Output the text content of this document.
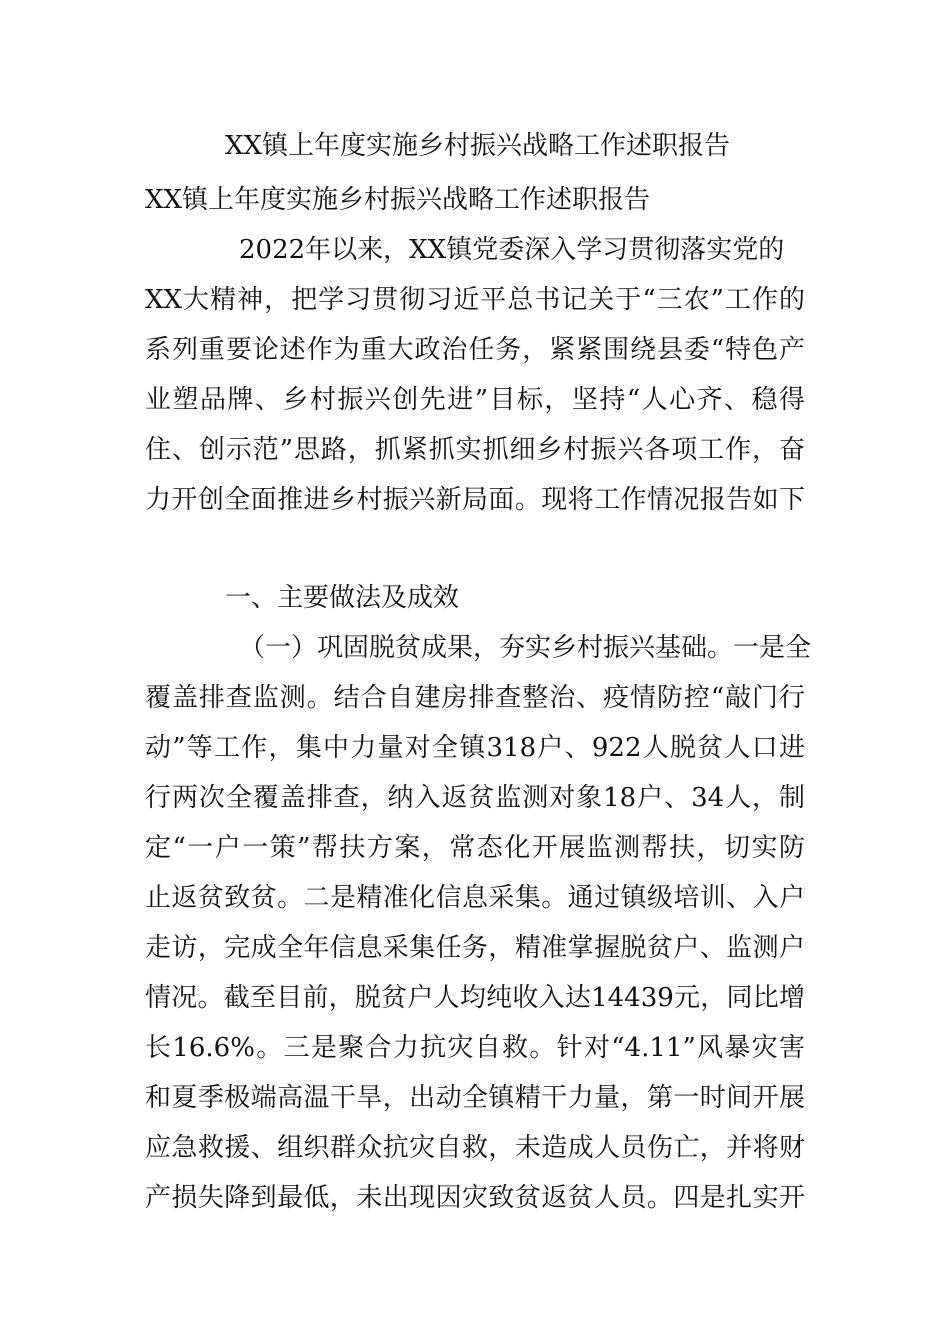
XX镇上年度实施乡村振兴战略工作述职报告
XX镇上年度实施乡村振兴战略工作述职报告
2022年以来，XX镇党委深入学习贯彻落实党的
XX大精神，把学习贯彻习近平总书记关于“三农”工作的
系列重要论述作为重大政治任务，紧紧围绕县委“特色产
业塑品牌、乡村振兴创先进”目标，坚持“人心齐、稳得
住、创示范”思路，抓紧抓实抓细乡村振兴各项工作，奋
力开创全面推进乡村振兴新局面。现将工作情况报告如下
一、主要做法及成效
（一）巩固脱贫成果，夯实乡村振兴基础。一是全
覆盖排查监测。结合自建房排查整治、疫情防控“敲门行
动”等工作，集中力量对全镇318户、922人脱贫人口进
行两次全覆盖排查，纳入返贫监测对象18户、34人，制
定“一户一策”帮扶方案，常态化开展监测帮扶，切实防
止返贫致贫。二是精准化信息采集。通过镇级培训、入户
走访，完成全年信息采集任务，精准掌握脱贫户、监测户
情况。截至目前，脱贫户人均纯收入达14439元，同比增
长16.6%。三是聚合力抗灾自救。针对“4.11”风暴灾害
和夏季极端高温干旱，出动全镇精干力量，第一时间开展
应急救援、组织群众抗灾自救，未造成人员伤亡，并将财
产损失降到最低，未出现因灾致贫返贫人员。四是扎实开
